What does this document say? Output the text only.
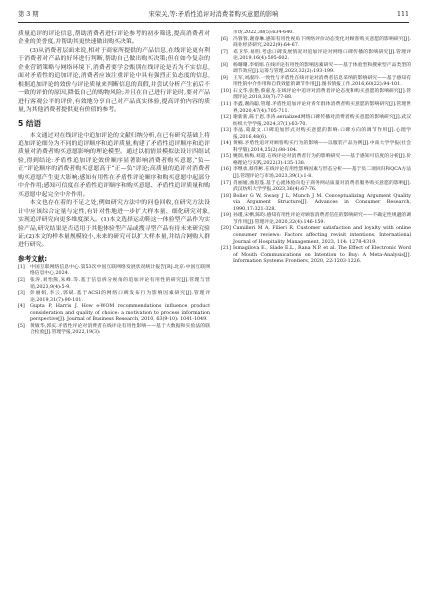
第 3 期	宋荣关,等:矛盾性追评对消费者购买意愿的影响	111

质量追评的评论信息,帮助消费者进行评论参考的初步筛选,提高消费者对企业的美誉度,并帮助其更快速做出购买决策。

(3)从消费者层面来说,相对于商家所提供的产品信息,在线评论更有利于消费者对产品的好坏进行判断,帮助自己做出购买决策;但在如今复杂的企业营销策略与网络环境下,消费者要学会甄别在线评论是否为不实信息,面对矛盾性的追加评论,消费者应该注重评论中具有强烈正负态度的信息,根据追加评论的效价与评论质量来判断信息的真假,并尝试分析产生前后不一致的评价的原因,降低自己的购物风险;并且在自己进行评论时,要对产品进行客观公平的评价,有效地分享自己对产品真实体验,提高评价内容的质量,为其他消费者提供更有价值的参考。

5 结语

本文通过对在线评论中追加评论的文献归纳分析,在已有研究基础上将追加评论细分为不同的追评顺序和追评质量,构建了矛盾性追评顺序和追评质量对消费者购买意愿影响的理论模型。通过以捐情景模拟法设计四组试验,得到结论:矛盾性追加评论效价顺序显著影响消费者购买意愿,“负—正”评论顺序的消费者购买意愿高于“正—负”评论;高质量的追评对消费者购买意愿产生更大影响;感知有用性在矛盾性评论顺序和购买意愿中起部分中介作用;感知可信度在矛盾性追评顺序和购买意愿、矛盾性追评质量和购买意愿中起完全中介作用。

本文也存在着的不足之处,例如研究方法中的问卷回收,在研究方法设计中应该综合定量与定性,有针对性地进一步扩大样本量、细化研究对象,实现追评研究向更多维度深入。(1)本文选择运动鞋这一体验型产品作为实验产品,研究结果是否适用于其他体验型产品或搜寻型产品有待未来研究验证;(2)本文的样本量规模较小,未来的研究可以扩大样本量,并结合网购人群进行研究。

参考文献:
[1] 中国互联网络信息中心.第53次中国互联网络发展状况统计报告[R].北京:中国互联网络信息中心,2024.
[2] 张涛,刘怡熊,朱峰.等.基于信息拆分视角的追加评论有用性的研究[J].管理与营销,2023,9(4):5-9.
[3] 彭丽娟,李云,郭斌.基于ACSI的网络口碑发布行为影响因素研究[J].管理评论,2019,31(7):90-101.
[4] Gupta P, Harris J. How e-WOM recommendations influence product consideration and quality of choice: a motivation to process information perspective[J]. Journal of Business Research, 2010, 63(9-10): 1041-1049.
[5] 黄敏华,郭庆.矛盾性评论对消费者在线评论有用性影响——基于大数据和实验法的联合检验[J].管理学报,2022,19(3):
市场,2022,38(5):634-640.
[6] 冯蓉蓉,谢睿琳.感知有用性视角下网络评价动态变化对顾客购买意愿的影响研究[J].商业经济研究,2022(9):64-67.
[7] 邓卫华,易明.考虑口碑发展情况对追加评论对网络口碑传播的影响研究[J].管理评论,2019,16(4):595-602.
[8] 杨珊珊,李娟娟.在线评论有用性的影响因素研究——基于体验型和搜索型产品类型的调节效应[J].运筹与管理,2023,32(2):193-199.
[9] 王军,刘淑玲.一致性与矛盾性在线评论对消费者信息采纳的影响研究——基于感知有用性的中介作用和自我效能的调节作用[J].图书情报工作,2016,60(22):94-101.
[10] 石文华,张艳,蔡嘉龙.在线评论中追评对消费者评论态度和购买意愿的影响研究[J].管理评论,2018,30(7):77-88.
[11] 李鑫,谢尚聪,管瑾.矛盾性追加评论对青年群体消费者购买意愿的影响研究[J].管理世界,2020,47(4):705-711.
[12] 谢新新,陈于恩,李涛.serialized网络口碑传播对消费者购买意愿的影响研究[J].武汉纺织大学学报,2024,37(1):63-70.
[13] 李晶,葛最文.口碑追加形式对购买意愿的影响:口碑方向的调节作用[J].心理学报,2016,48(6).
[14] 黄楠.矛盾性追评对顾客购买行为的影响——以服装产品为例[J].中南大学学报(社会科学版),2014,25(2):98-104.
[15] 姚瑞,杨梅,刘超.在线评论对消费者行为的影响研究——基于感知可信度的分析[J].价格理论与实践,2022(3):135-138.
[16] 李继承,蔡伟彬.在线评论有用性影响因素与形态分析——基于负二项回归和QCA方法[J].管理评论与市场,2023,39(1):1-8.
[17] 肖丽媛,曲思蓬.基于心流体验向电子商务网站质量对消费者服务购买意愿的影响[J].武汉纺织大学学报,2023,36(4):67-76.
[18] Boller G W, Swasy J L, Munch J M. Conceptualizing Argument Quality via Argument Structure[J]. Advances in Consumer Research, 1990,17:321-328.
[19] 孙瑾,宋栖,陈昀.感知有用性评论对顾客消费者信任的影响研究——不确定性规避的调节作用[J].管理评论,2020,32(4):146-159.
[20] Camilleri M A, Filieri R. Customer satisfaction and loyalty with online consumer reviews: Factors affecting revisit intentions, International Journal of Hospitality Management, 2023, 114: 1278-4319.
[21] Ismagilova E., Slade E.L., Rana N.P. et al. The Effect of Electronic Word of Mouth Communications on Intention to Buy: A Meta-Analysis[J]. Information Systems Frontiers, 2020, 22:1203-1226.
